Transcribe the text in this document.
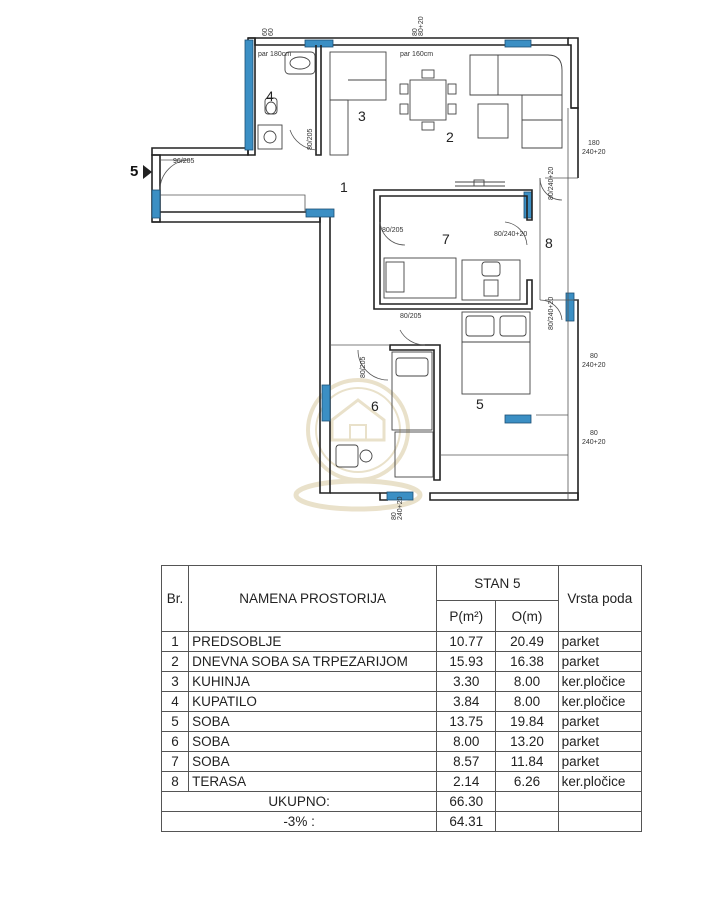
5
1
2
3
4
5
6
7	8
par 180cm	par 160cm
60 60	80 80+20
80/205
96/205
180
240+20
80/240+20
80/205
80/240+20
80/205	80/240+20
80
240+20
80
240+20
80/205
80 240+20
Br.	NAMENA PROSTORIJA	STAN 5		Vrsta poda
		P(m²)	O(m)	
1	PREDSOBLJE	10.77	20.49	parket
2	DNEVNA SOBA SA TRPEZARIJOM	15.93	16.38	parket
3	KUHINJA	3.30	8.00	ker.pločice
4	KUPATILO	3.84	8.00	ker.pločice
5	SOBA	13.75	19.84	parket
6	SOBA	8.00	13.20	parket
7	SOBA	8.57	11.84	parket
8	TERASA	2.14	6.26	ker.pločice
UKUPNO:		66.30		
-3% :		64.31		
